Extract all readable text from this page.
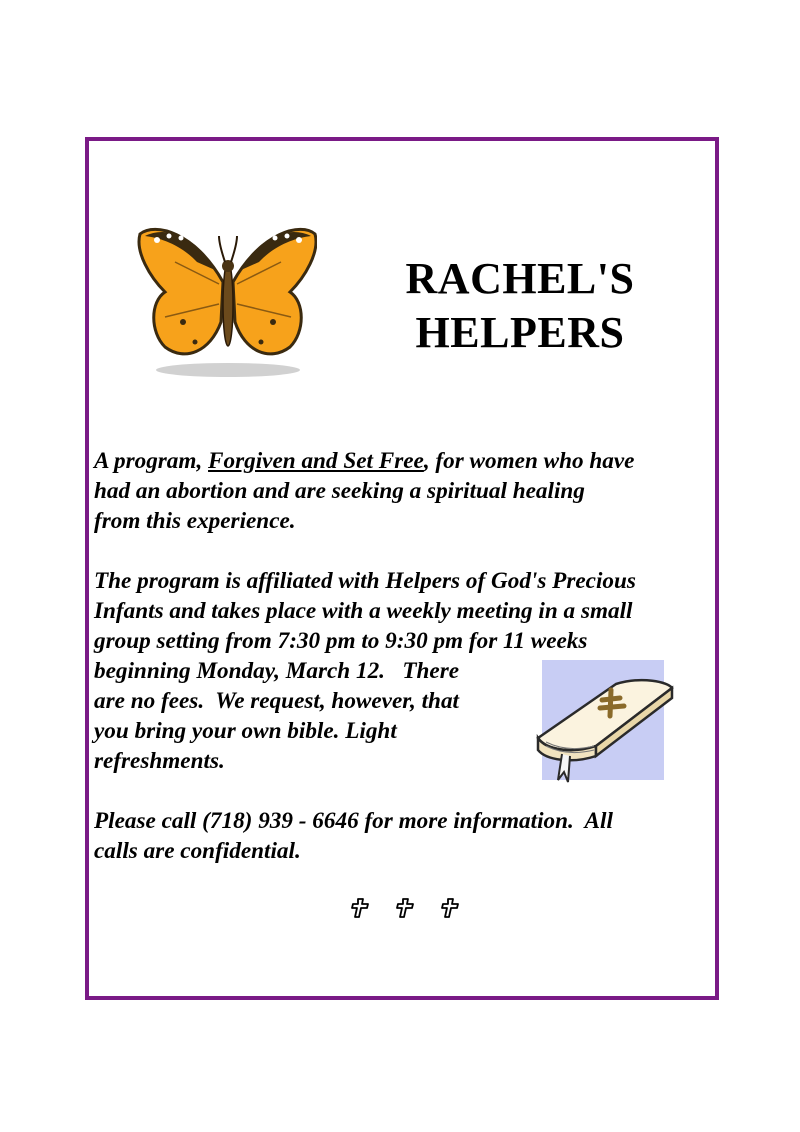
RACHEL'S
HELPERS
A program, Forgiven and Set Free, for women who have
had an abortion and are seeking a spiritual healing
from this experience.
The program is affiliated with Helpers of God's Precious
Infants and takes place with a weekly meeting in a small
group setting from 7:30 pm to 9:30 pm for 11 weeks
beginning Monday, March 12.   There
are no fees.  We request, however, that
you bring your own bible. Light
refreshments.
Please call (718) 939 - 6646 for more information.  All
calls are confidential.
